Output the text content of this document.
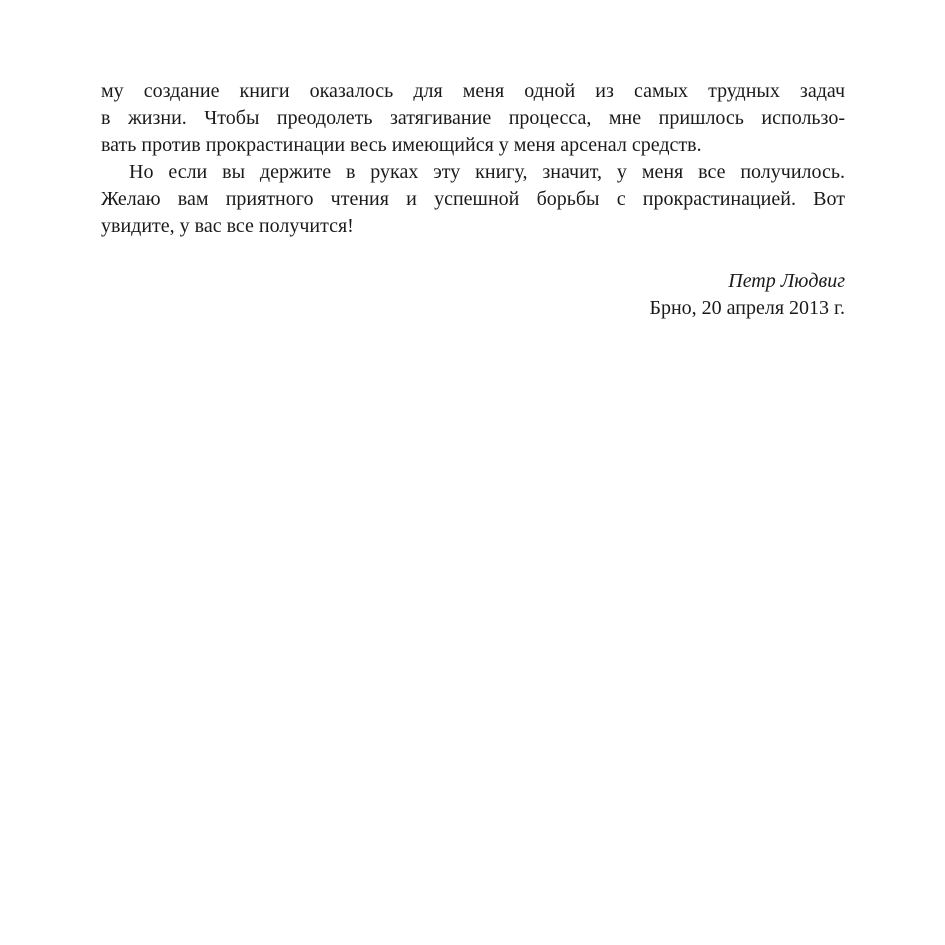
му создание книги оказалось для меня одной из самых трудных задач
в жизни. Чтобы преодолеть затягивание процесса, мне пришлось использо-
вать против прокрастинации весь имеющийся у меня арсенал средств.
Но если вы держите в руках эту книгу, значит, у меня все получилось.
Желаю вам приятного чтения и успешной борьбы с прокрастинацией. Вот
увидите, у вас все получится!
Петр Людвиг
Брно, 20 апреля 2013 г.
